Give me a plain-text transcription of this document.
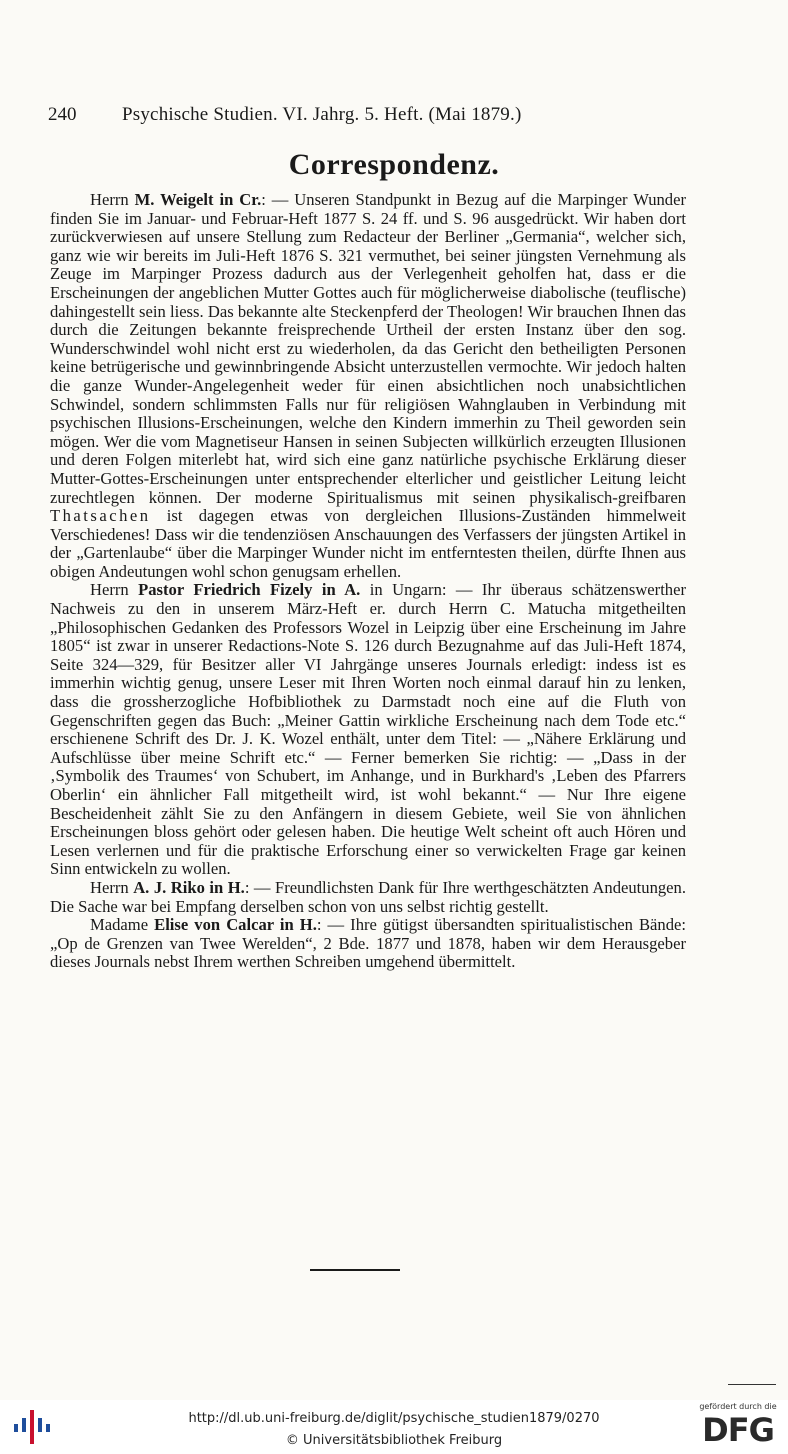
240 Psychische Studien. VI. Jahrg. 5. Heft. (Mai 1879.)
Correspondenz.

Herrn M. Weigelt in Cr.: — Unseren Standpunkt in Bezug auf die Marpinger Wunder finden Sie im Januar- und Februar-Heft 1877 S. 24 ff. und S. 96 ausgedrückt. Wir haben dort zurückverwiesen auf unsere Stellung zum Redacteur der Berliner „Germania“, welcher sich, ganz wie wir bereits im Juli-Heft 1876 S. 321 vermuthet, bei seiner jüngsten Vernehmung als Zeuge im Marpinger Prozess dadurch aus der Verlegenheit geholfen hat, dass er die Erscheinungen der angeblichen Mutter Gottes auch für möglicherweise diabolische (teuflische) dahingestellt sein liess. Das bekannte alte Steckenpferd der Theologen! Wir brauchen Ihnen das durch die Zeitungen bekannte freisprechende Urtheil der ersten Instanz über den sog. Wunderschwindel wohl nicht erst zu wiederholen, da das Gericht den betheiligten Personen keine betrügerische und gewinnbringende Absicht unterzustellen vermochte. Wir jedoch halten die ganze Wunder-Angelegenheit weder für einen absichtlichen noch unabsichtlichen Schwindel, sondern schlimmsten Falls nur für religiösen Wahnglauben in Verbindung mit psychischen Illusions-Erscheinungen, welche den Kindern immerhin zu Theil geworden sein mögen. Wer die vom Magnetiseur Hansen in seinen Subjecten willkürlich erzeugten Illusionen und deren Folgen miterlebt hat, wird sich eine ganz natürliche psychische Erklärung dieser Mutter-Gottes-Erscheinungen unter entsprechender elterlicher und geistlicher Leitung leicht zurechtlegen können. Der moderne Spiritualismus mit seinen physikalisch-greifbaren Thatsachen ist dagegen etwas von dergleichen Illusions-Zuständen himmelweit Verschiedenes! Dass wir die tendenziösen Anschauungen des Verfassers der jüngsten Artikel in der „Gartenlaube“ über die Marpinger Wunder nicht im entferntesten theilen, dürfte Ihnen aus obigen Andeutungen wohl schon genugsam erhellen.

Herrn Pastor Friedrich Fizely in A. in Ungarn: — Ihr überaus schätzenswerther Nachweis zu den in unserem März-Heft er. durch Herrn C. Matucha mitgetheilten „Philosophischen Gedanken des Professors Wozel in Leipzig über eine Erscheinung im Jahre 1805“ ist zwar in unserer Redactions-Note S. 126 durch Bezugnahme auf das Juli-Heft 1874, Seite 324—329, für Besitzer aller VI Jahrgänge unseres Journals erledigt: indess ist es immerhin wichtig genug, unsere Leser mit Ihren Worten noch einmal darauf hin zu lenken, dass die grossherzogliche Hofbibliothek zu Darmstadt noch eine auf die Fluth von Gegenschriften gegen das Buch: „Meiner Gattin wirkliche Erscheinung nach dem Tode etc.“ erschienene Schrift des Dr. J. K. Wozel enthält, unter dem Titel: — „Nähere Erklärung und Aufschlüsse über meine Schrift etc.“ — Ferner bemerken Sie richtig: — „Dass in der ‚Symbolik des Traumes‘ von Schubert, im Anhange, und in Burkhard's ‚Leben des Pfarrers Oberlin‘ ein ähnlicher Fall mitgetheilt wird, ist wohl bekannt.“ — Nur Ihre eigene Bescheidenheit zählt Sie zu den Anfängern in diesem Gebiete, weil Sie von ähnlichen Erscheinungen bloss gehört oder gelesen haben. Die heutige Welt scheint oft auch Hören und Lesen verlernen und für die praktische Erforschung einer so verwickelten Frage gar keinen Sinn entwickeln zu wollen.

Herrn A. J. Riko in H.: — Freundlichsten Dank für Ihre werthgeschätzten Andeutungen. Die Sache war bei Empfang derselben schon von uns selbst richtig gestellt.

Madame Elise von Calcar in H.: — Ihre gütigst übersandten spiritualistischen Bände: „Op de Grenzen van Twee Werelden“, 2 Bde. 1877 und 1878, haben wir dem Herausgeber dieses Journals nebst Ihrem werthen Schreiben umgehend übermittelt.

http://dl.ub.uni-freiburg.de/diglit/psychische_studien1879/0270
© Universitätsbibliothek Freiburg
gefördert durch die
DFG
